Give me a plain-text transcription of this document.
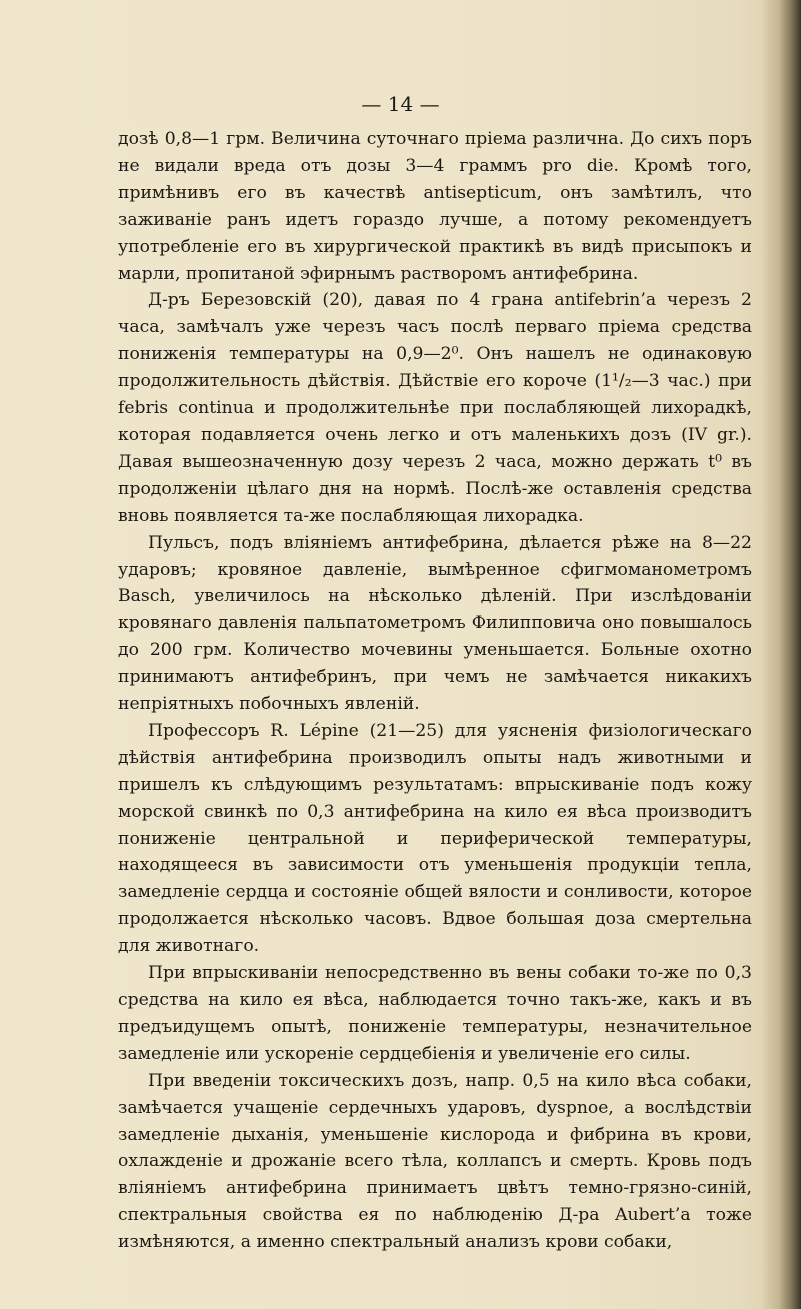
— 14 —

дозѣ 0,8—1 грм. Величина суточнаго пріема различна. До сихъ поръ не видали вреда отъ дозы 3—4 граммъ pro die. Кромѣ того, примѣнивъ его въ качествѣ antisepticum, онъ замѣтилъ, что заживаніе ранъ идетъ гораздо лучше, а потому рекомендуетъ употребленіе его въ хирургической практикѣ въ видѣ присыпокъ и марли, пропитаной эфирнымъ растворомъ антифебрина.

Д-ръ Березовскій (20), давая по 4 грана antifebrin’a черезъ 2 часа, замѣчалъ уже черезъ часъ послѣ перваго пріема средства пониженія температуры на 0,9—2⁰. Онъ нашелъ не одинаковую продолжительность дѣйствія. Дѣйствіе его короче (1¹/₂—3 час.) при febris continua и продолжительнѣе при послабляющей лихорадкѣ, которая подавляется очень легко и отъ маленькихъ дозъ (IV gr.). Давая вышеозначенную дозу черезъ 2 часа, можно держать t⁰ въ продолженіи цѣлаго дня на нормѣ. Послѣ-же оставленія средства вновь появляется та-же послабляющая лихорадка.

Пульсъ, подъ вліяніемъ антифебрина, дѣлается рѣже на 8—22 ударовъ; кровяное давленіе, вымѣренное сфигмоманометромъ Basch, увеличилось на нѣсколько дѣленій. При изслѣдованіи кровянаго давленія пальпатометромъ Филипповича оно повышалось до 200 грм. Количество мочевины уменьшается. Больные охотно принимаютъ антифебринъ, при чемъ не замѣчается никакихъ непріятныхъ побочныхъ явленій.

Профессоръ R. Lépine (21—25) для уясненія физіологическаго дѣйствія антифебрина производилъ опыты надъ животными и пришелъ къ слѣдующимъ результатамъ: впрыскиваніе подъ кожу морской свинкѣ по 0,3 антифебрина на кило ея вѣса производитъ пониженіе центральной и периферической температуры, находящееся въ зависимости отъ уменьшенія продукціи тепла, замедленіе сердца и состояніе общей вялости и сонливости, которое продолжается нѣсколько часовъ. Вдвое большая доза смертельна для животнаго.

При впрыскиваніи непосредственно въ вены собаки то-же по 0,3 средства на кило ея вѣса, наблюдается точно такъ-же, какъ и въ предъидущемъ опытѣ, пониженіе температуры, незначительное замедленіе или ускореніе сердцебіенія и увеличеніе его силы.

При введеніи токсическихъ дозъ, напр. 0,5 на кило вѣса собаки, замѣчается учащеніе сердечныхъ ударовъ, dyspnoe, а вослѣдствіи замедленіе дыханія, уменьшеніе кислорода и фибрина въ крови, охлажденіе и дрожаніе всего тѣла, коллапсъ и смерть. Кровь подъ вліяніемъ антифебрина принимаетъ цвѣтъ темно-грязно-синій, спектральныя свойства ея по наблюденію Д-ра Aubert’a тоже измѣняются, а именно спектральный анализъ крови собаки,
